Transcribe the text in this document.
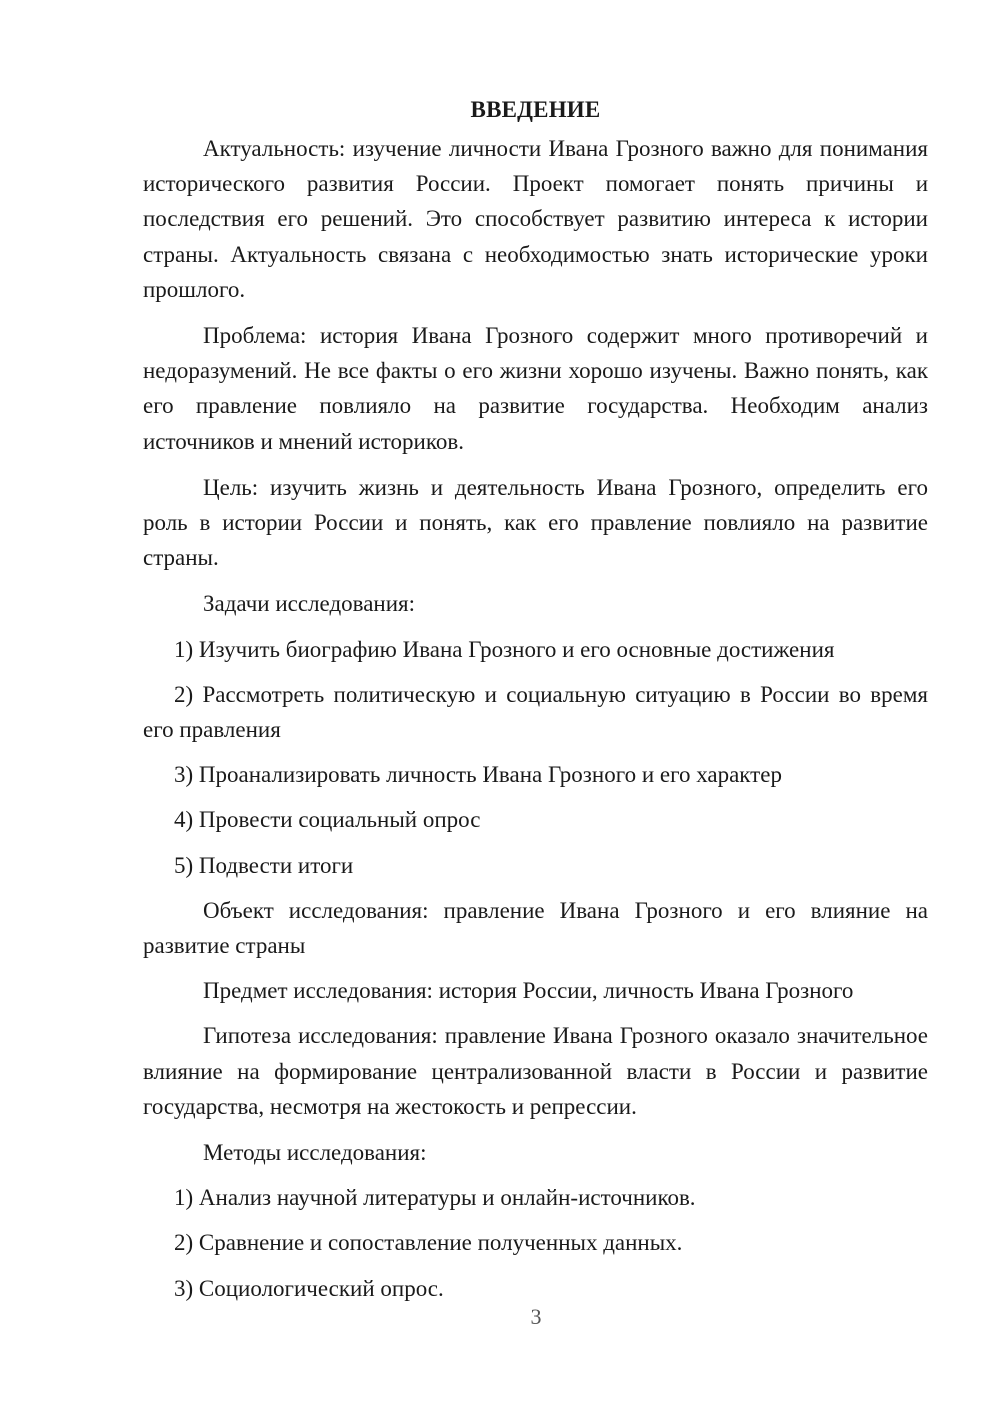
ВВЕДЕНИЕ

Актуальность: изучение личности Ивана Грозного важно для понимания исторического развития России. Проект помогает понять причины и последствия его решений. Это способствует развитию интереса к истории страны. Актуальность связана с необходимостью знать исторические уроки прошлого.

Проблема: история Ивана Грозного содержит много противоречий и недоразумений. Не все факты о его жизни хорошо изучены. Важно понять, как его правление повлияло на развитие государства. Необходим анализ источников и мнений историков.

Цель: изучить жизнь и деятельность Ивана Грозного, определить его роль в истории России и понять, как его правление повлияло на развитие страны.

Задачи исследования:

1) Изучить биографию Ивана Грозного и его основные достижения

2) Рассмотреть политическую и социальную ситуацию в России во время его правления

3) Проанализировать личность Ивана Грозного и его характер

4) Провести социальный опрос

5) Подвести итоги

Объект исследования: правление Ивана Грозного и его влияние на развитие страны

Предмет исследования: история России, личность Ивана Грозного

Гипотеза исследования: правление Ивана Грозного оказало значительное влияние на формирование централизованной власти в России и развитие государства, несмотря на жестокость и репрессии.

Методы исследования:

1) Анализ научной литературы и онлайн-источников.

2) Сравнение и сопоставление полученных данных.

3) Социологический опрос.

3
